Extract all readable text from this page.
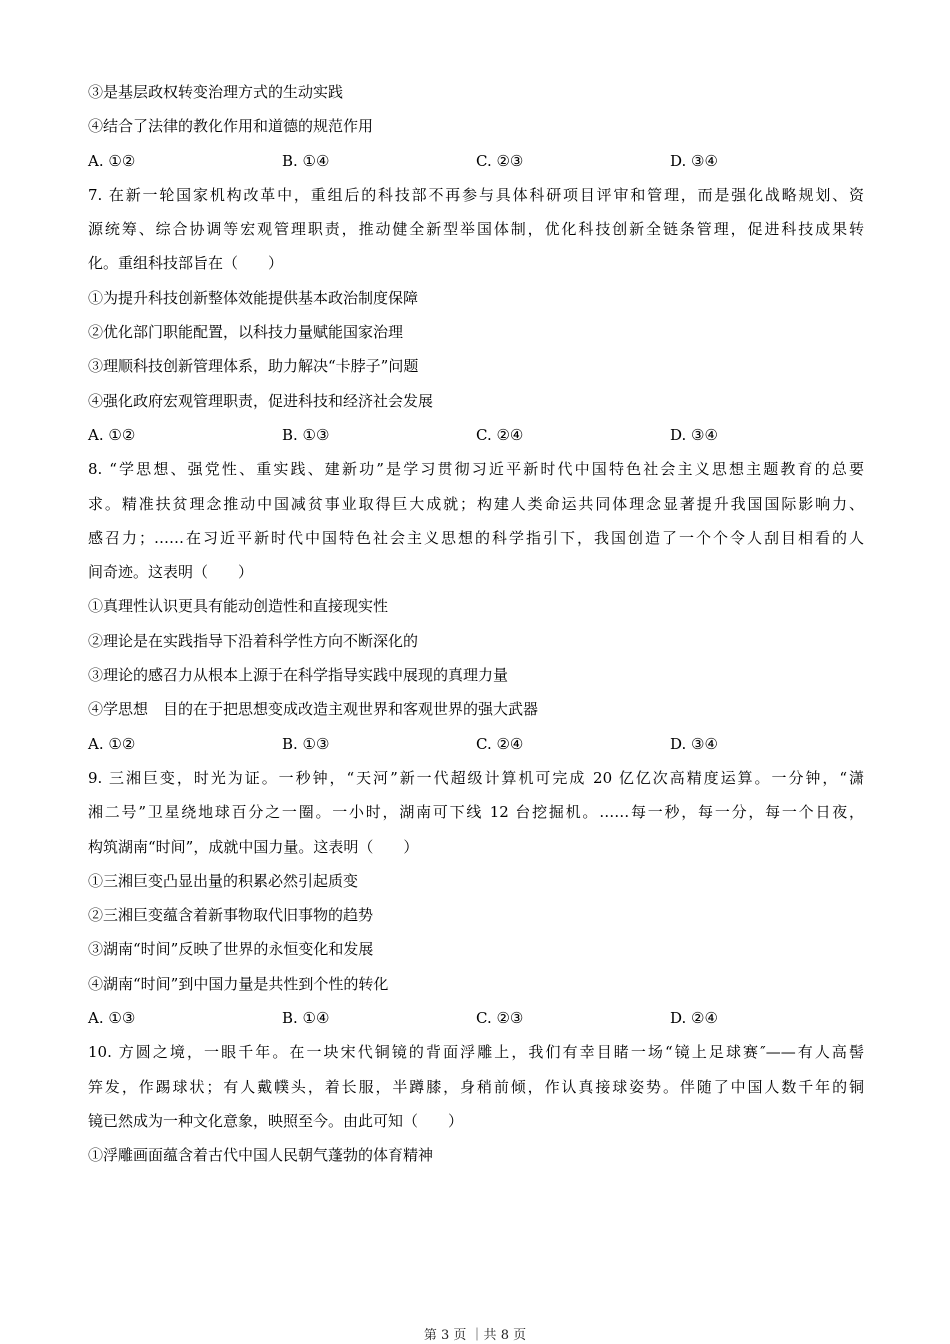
③是基层政权转变治理方式的生动实践
④结合了法律的教化作用和道德的规范作用
A. ①②	B. ①④	C. ②③	D. ③④
7. 在新一轮国家机构改革中，重组后的科技部不再参与具体科研项目评审和管理，而是强化战略规划、资
源统筹、综合协调等宏观管理职责，推动健全新型举国体制，优化科技创新全链条管理，促进科技成果转
化。重组科技部旨在（　　）
①为提升科技创新整体效能提供基本政治制度保障
②优化部门职能配置，以科技力量赋能国家治理
③理顺科技创新管理体系，助力解决“卡脖子”问题
④强化政府宏观管理职责，促进科技和经济社会发展
A. ①②	B. ①③	C. ②④	D. ③④
8. “学思想、强党性、重实践、建新功”是学习贯彻习近平新时代中国特色社会主义思想主题教育的总要
求。精准扶贫理念推动中国减贫事业取得巨大成就；构建人类命运共同体理念显著提升我国国际影响力、
感召力；……在习近平新时代中国特色社会主义思想的科学指引下，我国创造了一个个令人刮目相看的人
间奇迹。这表明（　　）
①真理性认识更具有能动创造性和直接现实性
②理论是在实践指导下沿着科学性方向不断深化的
③理论的感召力从根本上源于在科学指导实践中展现的真理力量
④学思想　目的在于把思想变成改造主观世界和客观世界的强大武器
A. ①②	B. ①③	C. ②④	D. ③④
9. 三湘巨变，时光为证。一秒钟，“天河”新一代超级计算机可完成 20 亿亿次高精度运算。一分钟，“潇
湘二号”卫星绕地球百分之一圈。一小时，湖南可下线 12 台挖掘机。……每一秒，每一分，每一个日夜，
构筑湖南“时间”，成就中国力量。这表明（　　）
①三湘巨变凸显出量的积累必然引起质变
②三湘巨变蕴含着新事物取代旧事物的趋势
③湖南“时间”反映了世界的永恒变化和发展
④湖南“时间”到中国力量是共性到个性的转化
A. ①③	B. ①④	C. ②③	D. ②④
10. 方圆之境，一眼千年。在一块宋代铜镜的背面浮雕上，我们有幸目睹一场“镜上足球赛″——有人高髻
笄发，作踢球状；有人戴幞头，着长服，半蹲膝，身稍前倾，作认真接球姿势。伴随了中国人数千年的铜
镜已然成为一种文化意象，映照至今。由此可知（　　）
①浮雕画面蕴含着古代中国人民朝气蓬勃的体育精神
第 3 页 ｜共 8 页
